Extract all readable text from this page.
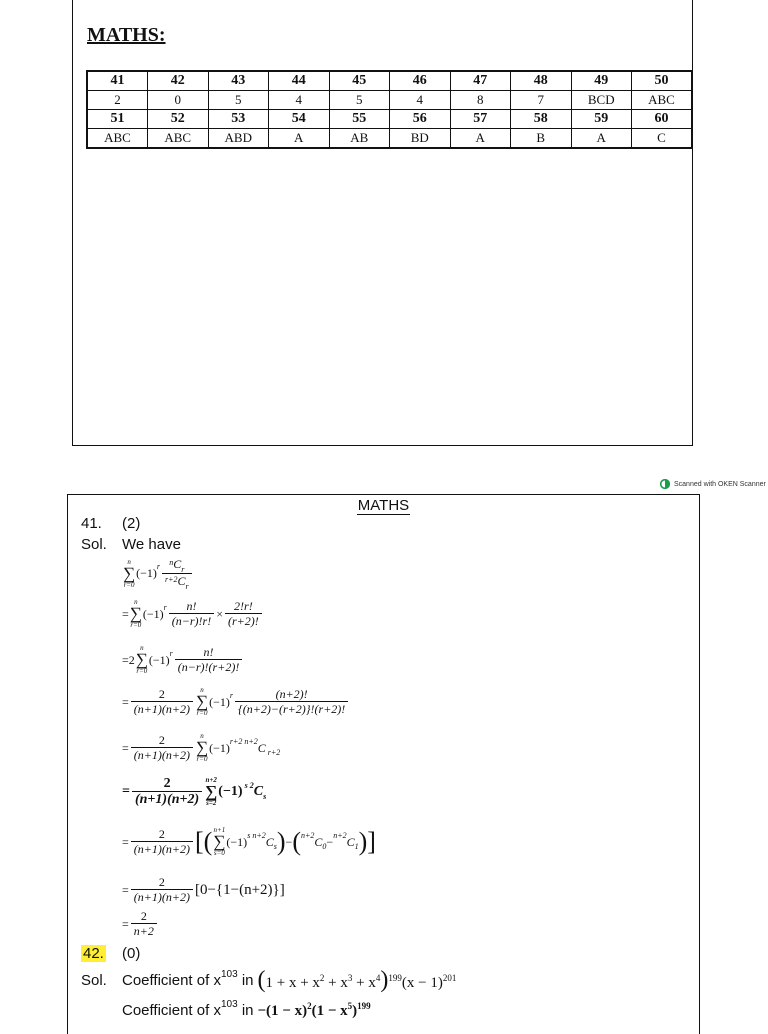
MATHS:
41	42	43	44	45	46	47	48	49	50
2	0	5	4	5	4	8	7	BCD	ABC
51	52	53	54	55	56	57	58	59	60
ABC	ABC	ABD	A	AB	BD	A	B	A	C
Scanned with OKEN Scanner
MATHS
41. (2)
Sol. We have
n
∑
r=0
(−1) r $\frac{^nC_r}{^{r+2}C_r}$
=
n
∑
r=0
(−1) r $\frac{n!}{(n-r)!r!} \times \frac{2!r!}{(r+2)!}$
=2
n
∑
r=0
(−1) r $\frac{n!}{(n-r)!(r+2)!}$
= $\frac{2}{(n+1)(n+2)}$ n
∑
r=0
(−1) r $\frac{(n+2)!}{\{(n+2)-(r+2)\}!(r+2)!}$
= $\frac{2}{(n+1)(n+2)}$ n
∑
r=0
(−1) r+2 n+2 C r+2
= $\frac{2}{(n+1)(n+2)} n+2$
∑
s=2
(−1) s 2 C s
= $\frac{2}{(n+1)(n+2)}$ [( n+1
∑
s=0
(−1) s n+2 C s ) − ( n+2 C 0 − n+2 C 1 )]
= $\frac{2}{(n+1)(n+2)} [0-\{1-(n+2)\}]$
= $\frac{2}{n+2}$
42. (0)
Sol. Coefficient of x 103
in $(1 + x + x^2 + x^3 + x^4)^{199}(x - 1)^{201}$
Coefficient of x 103
in $-(1 - x)^2(1 - x^5)^{199}$
